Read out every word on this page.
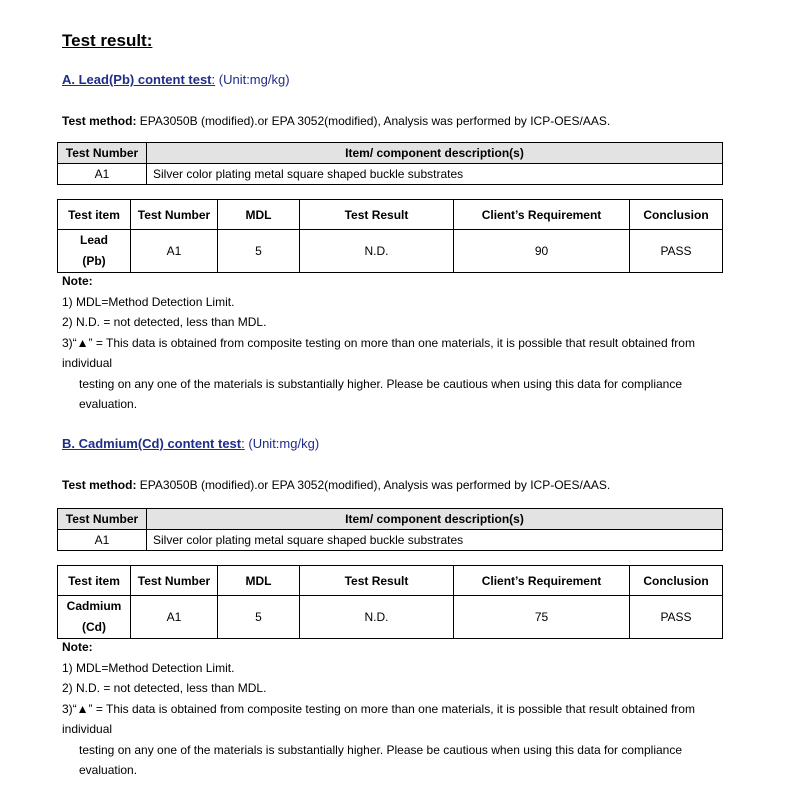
Test result:
A. Lead(Pb) content test: (Unit:mg/kg)
Test method: EPA3050B (modified).or EPA 3052(modified), Analysis was performed by ICP-OES/AAS.
Test Number	Item/ component description(s)
A1	Silver color plating metal square shaped buckle substrates
Test item	Test Number	MDL	Test Result	Client’s Requirement	Conclusion

Lead
(Pb)	A1	5	N.D.	90	PASS
Note:
1) MDL=Method Detection Limit.
2) N.D. = not detected, less than MDL.
3)“▲” = This data is obtained from composite testing on more than one materials, it is possible that result obtained from individual
testing on any one of the materials is substantially higher. Please be cautious when using this data for compliance evaluation.
B. Cadmium(Cd) content test: (Unit:mg/kg)
Test method: EPA3050B (modified).or EPA 3052(modified), Analysis was performed by ICP-OES/AAS.
Test Number	Item/ component description(s)
A1	Silver color plating metal square shaped buckle substrates
Test item	Test Number	MDL	Test Result	Client’s Requirement	Conclusion

Cadmium
(Cd)	A1	5	N.D.	75	PASS
Note:
1) MDL=Method Detection Limit.
2) N.D. = not detected, less than MDL.
3)“▲” = This data is obtained from composite testing on more than one materials, it is possible that result obtained from individual
testing on any one of the materials is substantially higher. Please be cautious when using this data for compliance evaluation.
